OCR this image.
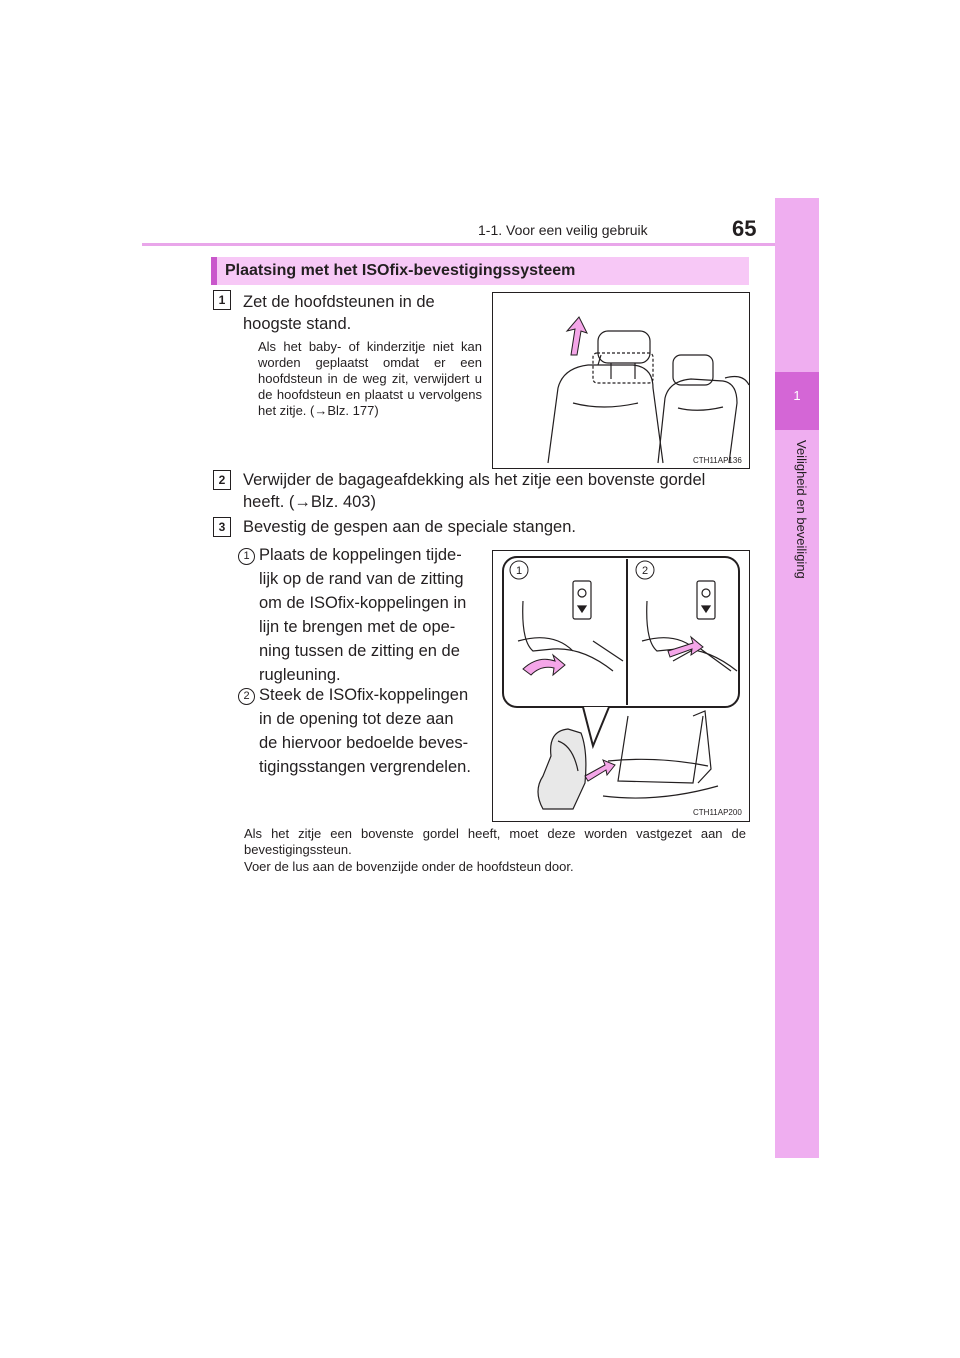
1-1. Voor een veilig gebruik	65
1
Veiligheid en beveiliging
Plaatsing met het ISOfix-bevestigingssysteem
1	Zet de hoofdsteunen in de
hoogste stand.
Als het baby- of kinderzitje niet kan worden geplaatst omdat er een hoofdsteun in de weg zit, verwijdert u de hoofdsteun en plaatst u vervolgens het zitje. (→Blz. 177)
CTH11AP136
2	Verwijder de bagageafdekking als het zitje een bovenste gordel
heeft. (→Blz. 403)
3	Bevestig de gespen aan de speciale stangen.
1 Plaats de koppelingen tijde-
lijk op de rand van de zitting
om de ISOfix-koppelingen in
lijn te brengen met de ope-
ning tussen de zitting en de
rugleuning.
2 Steek de ISOfix-koppelingen
in de opening tot deze aan
de hiervoor bedoelde beves-
tigingsstangen vergrendelen.
1	2
CTH11AP200
Als het zitje een bovenste gordel heeft, moet deze worden vastgezet aan de bevestigingssteun.
Voer de lus aan de bovenzijde onder de hoofdsteun door.
